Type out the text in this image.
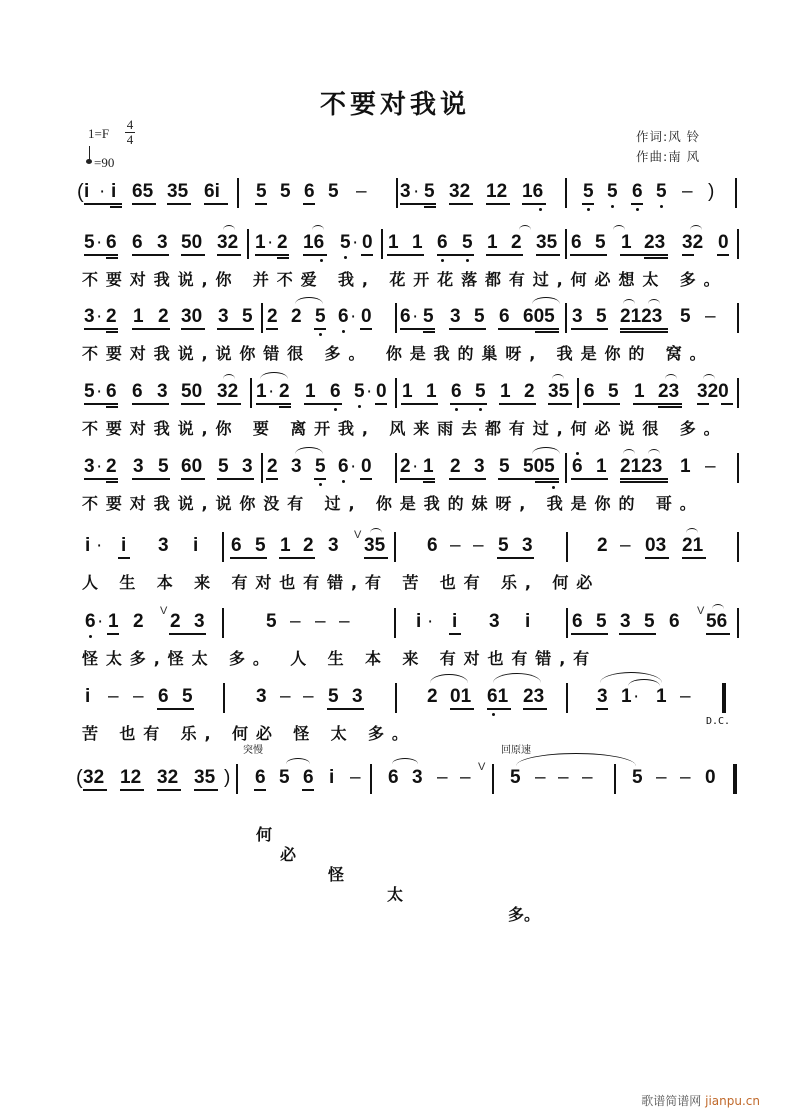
不要对我说
1=F
4
4
=90
作词:风 铃
作曲:南 风
( i · i 65 35 6i 5 5 6 5 – 3 · 5 32 12 16 5 5 6 5 – )
5 · 6 6 3 50 32 1 · 2 16 5 · 0 1 1 6 5 1 2 35 6 5 1 23 32 0
不要对我说,你 并不爱 我, 花开花落都有过,何必想太 多。
3 · 2 1 2 30 3 5 2 2 5 6 · 0 6 · 5 3 5 6 605 3 5 2123 5 –
不要对我说,说你错很 多。 你是我的巢呀, 我是你的 窝。
5 · 6 6 3 50 32 1 · 2 1 6 5 · 0 1 1 6 5 1 2 35 6 5 1 23 320
不要对我说,你 要 离开我, 风来雨去都有过,何必说很 多。
3 · 2 3 5 60 5 3 2 3 5 6 · 0 2 · 1 2 3 5 505 6 1 2123 1 –
不要对我说,说你没有 过, 你是我的妹呀, 我是你的 哥。
i · i 3 i 6 5 1 2 3 V 35 6 – – 5 3	2 – 03 21
人 生 本 来 有对也有错,有 苦 也有 乐, 何必
6 · 1 2 V 2 3	5 – – –	i · i 3 i 6 5 3 5 6 V 56
怪太多,怪太 多。 人 生 本 来 有对也有错,有
i – – 6 5	3 – – 5 3	2 01 61 23	3 1 · 1 –
D.C.
苦 也有 乐, 何必 怪 太 多。
突慢	回原速
( 32 12 32 35 ) 6 5 6 i – 6 3 – – V 5 – – – 5 – – 0

何

必

怪

太

多。

歌谱简谱网 jianpu.cn
